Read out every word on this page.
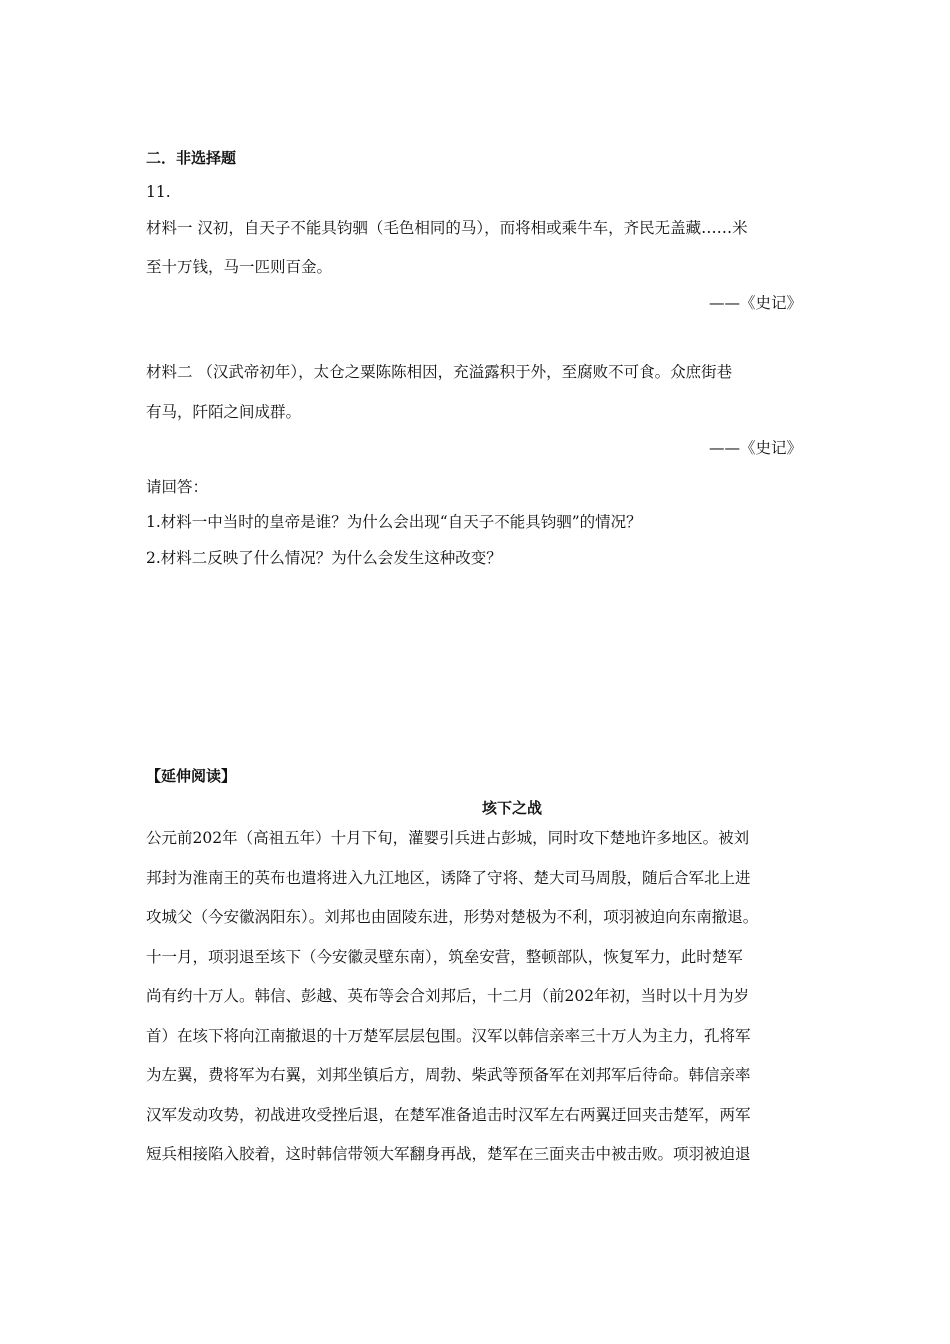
二．非选择题
11.
材料一 汉初，自天子不能具钧驷（毛色相同的马），而将相或乘牛车，齐民无盖藏……米
至十万钱，马一匹则百金。
——《史记》
材料二 （汉武帝初年），太仓之粟陈陈相因，充溢露积于外，至腐败不可食。众庶街巷
有马，阡陌之间成群。
——《史记》
请回答：
1.材料一中当时的皇帝是谁？为什么会出现“自天子不能具钧驷”的情况？
2.材料二反映了什么情况？为什么会发生这种改变？
【延伸阅读】
垓下之战
公元前202年（高祖五年）十月下旬，灌婴引兵进占彭城，同时攻下楚地许多地区。被刘
邦封为淮南王的英布也遣将进入九江地区，诱降了守将、楚大司马周殷，随后合军北上进
攻城父（今安徽涡阳东）。刘邦也由固陵东进，形势对楚极为不利，项羽被迫向东南撤退。
十一月，项羽退至垓下（今安徽灵壁东南），筑垒安营，整顿部队，恢复军力，此时楚军
尚有约十万人。韩信、彭越、英布等会合刘邦后，十二月（前202年初，当时以十月为岁
首）在垓下将向江南撤退的十万楚军层层包围。汉军以韩信亲率三十万人为主力，孔将军
为左翼，费将军为右翼，刘邦坐镇后方，周勃、柴武等预备军在刘邦军后待命。韩信亲率
汉军发动攻势，初战进攻受挫后退，在楚军准备追击时汉军左右两翼迂回夹击楚军，两军
短兵相接陷入胶着，这时韩信带领大军翻身再战，楚军在三面夹击中被击败。项羽被迫退
